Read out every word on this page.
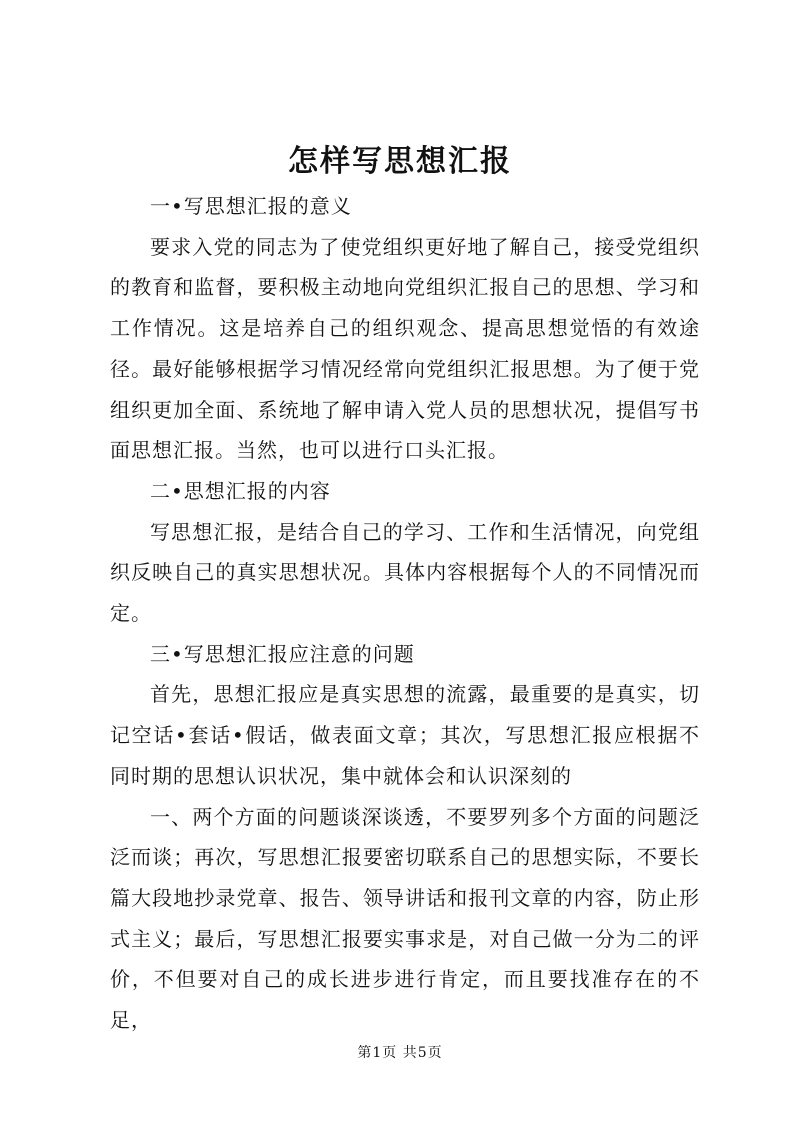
怎样写思想汇报

一•写思想汇报的意义

要求入党的同志为了使党组织更好地了解自己，接受党组织的教育和监督，要积极主动地向党组织汇报自己的思想、学习和工作情况。这是培养自己的组织观念、提高思想觉悟的有效途径。最好能够根据学习情况经常向党组织汇报思想。为了便于党组织更加全面、系统地了解申请入党人员的思想状况，提倡写书面思想汇报。当然，也可以进行口头汇报。

二•思想汇报的内容

写思想汇报，是结合自己的学习、工作和生活情况，向党组织反映自己的真实思想状况。具体内容根据每个人的不同情况而定。

三•写思想汇报应注意的问题

首先，思想汇报应是真实思想的流露，最重要的是真实，切记空话•套话•假话，做表面文章；其次，写思想汇报应根据不同时期的思想认识状况，集中就体会和认识深刻的

一、两个方面的问题谈深谈透，不要罗列多个方面的问题泛泛而谈；再次，写思想汇报要密切联系自己的思想实际，不要长篇大段地抄录党章、报告、领导讲话和报刊文章的内容，防止形式主义；最后，写思想汇报要实事求是，对自己做一分为二的评价，不但要对自己的成长进步进行肯定，而且要找准存在的不足，

第1页 共5页
